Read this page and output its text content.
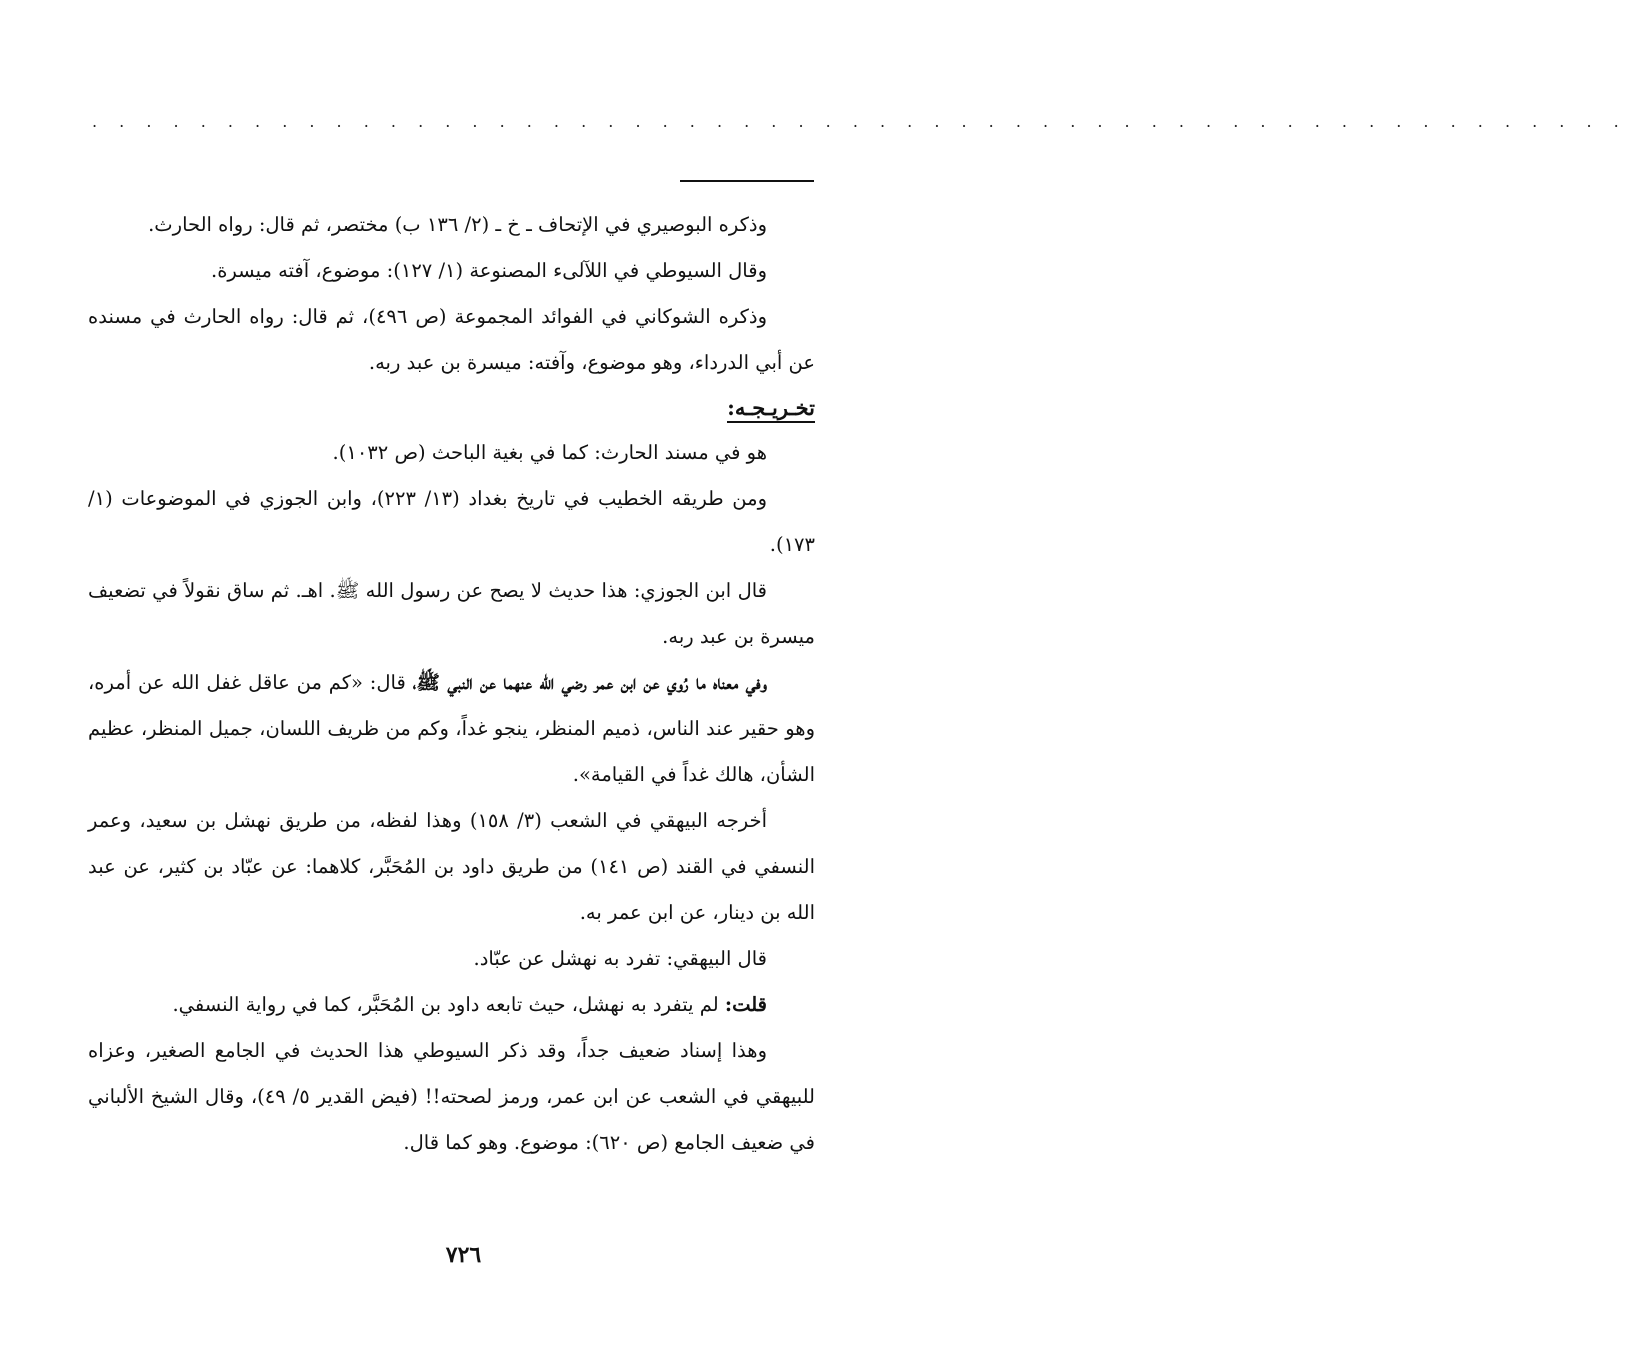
. . . . . . . . . . . . . . . . . . . . . . . . . . . . . . . . . . . . . . . . . . . . . . . . . . . . . . . . .

وذكره البوصيري في الإتحاف ـ خ ـ (٢/ ١٣٦ ب) مختصر، ثم قال: رواه الحارث.

وقال السيوطي في اللآلىء المصنوعة (١/ ١٢٧): موضوع، آفته ميسرة.

وذكره الشوكاني في الفوائد المجموعة (ص ٤٩٦)، ثم قال: رواه الحارث في مسنده عن أبي الدرداء، وهو موضوع، وآفته: ميسرة بن عبد ربه.

تخـريـجـه:

هو في مسند الحارث: كما في بغية الباحث (ص ١٠٣٢).

ومن طريقه الخطيب في تاريخ بغداد (١٣/ ٢٢٣)، وابن الجوزي في الموضوعات (١/ ١٧٣).

قال ابن الجوزي: هذا حديث لا يصح عن رسول الله ﷺ. اهـ. ثم ساق نقولاً في تضعيف ميسرة بن عبد ربه.

وفي معناه ما رُوي عن ابن عمر رضي الله عنهما عن النبي ﷺ، قال: «كم من عاقل غفل الله عن أمره، وهو حقير عند الناس، ذميم المنظر، ينجو غداً، وكم من ظريف اللسان، جميل المنظر، عظيم الشأن، هالك غداً في القيامة».

أخرجه البيهقي في الشعب (٣/ ١٥٨) وهذا لفظه، من طريق نهشل بن سعيد، وعمر النسفي في القند (ص ١٤١) من طريق داود بن المُحَبَّر، كلاهما: عن عبّاد بن كثير، عن عبد الله بن دينار، عن ابن عمر به.

قال البيهقي: تفرد به نهشل عن عبّاد.

قلت: لم يتفرد به نهشل، حيث تابعه داود بن المُحَبَّر، كما في رواية النسفي.

وهذا إسناد ضعيف جداً، وقد ذكر السيوطي هذا الحديث في الجامع الصغير، وعزاه للبيهقي في الشعب عن ابن عمر، ورمز لصحته!! (فيض القدير ٥/ ٤٩)، وقال الشيخ الألباني في ضعيف الجامع (ص ٦٢٠): موضوع. وهو كما قال.

٧٢٦
